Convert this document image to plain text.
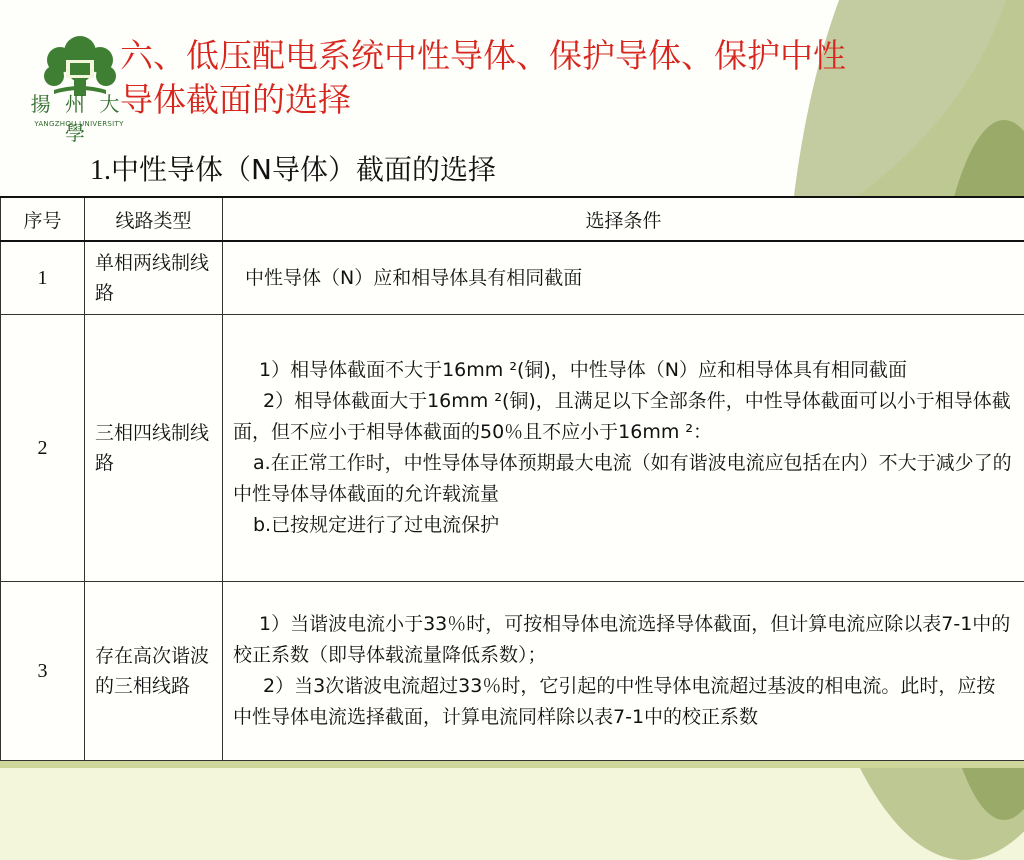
揚 州 大 學
YANGZHOU UNIVERSITY
六、低压配电系统中性导体、保护导体、保护中性
导体截面的选择
1.中性导体（N导体）截面的选择
序号	线路类型	选择条件
1	单相两线制线路	中性导体（N）应和相导体具有相同截面

2	三相四线制线路	1）相导体截面不大于16mm ²(铜)，中性导体（N）应和相导体具有相同截面
2）相导体截面大于16mm ²(铜)，且满足以下全部条件，中性导体截面可以小于相导体截面，但不应小于相导体截面的50％且不应小于16mm ²：
a.在正常工作时，中性导体导体预期最大电流（如有谐波电流应包括在内）不大于减少了的中性导体导体截面的允许载流量
b.已按规定进行了过电流保护

3	存在高次谐波的三相线路	1）当谐波电流小于33％时，可按相导体电流选择导体截面，但计算电流应除以表7-1中的校正系数（即导体载流量降低系数）；
2）当3次谐波电流超过33％时，它引起的中性导体电流超过基波的相电流。此时，应按中性导体电流选择截面，计算电流同样除以表7-1中的校正系数
